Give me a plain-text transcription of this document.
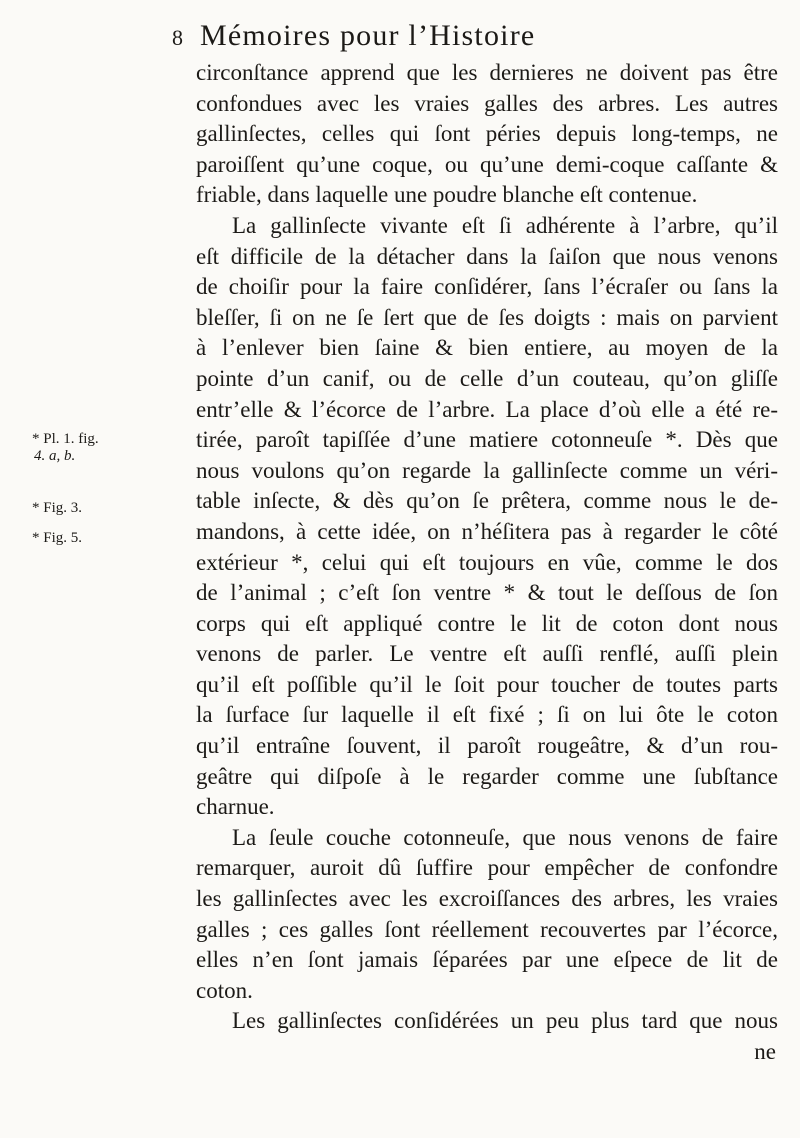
8 Mémoires pour l’Histoire
* Pl. 1. fig.
4. a, b.
* Fig. 3.
* Fig. 5.
circonſtance apprend que les dernieres ne doivent pas être
confondues avec les vraies galles des arbres. Les autres
gallinſectes, celles qui ſont péries depuis long-temps, ne
paroiſſent qu’une coque, ou qu’une demi-coque caſſante &
friable, dans laquelle une poudre blanche eſt contenue.
La gallinſecte vivante eſt ſi adhérente à l’arbre, qu’il
eſt difficile de la détacher dans la ſaiſon que nous venons
de choiſir pour la faire conſidérer, ſans l’écraſer ou ſans la
bleſſer, ſi on ne ſe ſert que de ſes doigts : mais on parvient
à l’enlever bien ſaine & bien entiere, au moyen de la
pointe d’un canif, ou de celle d’un couteau, qu’on gliſſe
entr’elle & l’écorce de l’arbre. La place d’où elle a été re-
tirée, paroît tapiſſée d’une matiere cotonneuſe *. Dès que
nous voulons qu’on regarde la gallinſecte comme un véri-
table inſecte, & dès qu’on ſe prêtera, comme nous le de-
mandons, à cette idée, on n’héſitera pas à regarder le côté
extérieur *, celui qui eſt toujours en vûe, comme le dos
de l’animal ; c’eſt ſon ventre * & tout le deſſous de ſon
corps qui eſt appliqué contre le lit de coton dont nous
venons de parler. Le ventre eſt auſſi renflé, auſſi plein
qu’il eſt poſſible qu’il le ſoit pour toucher de toutes parts
la ſurface ſur laquelle il eſt fixé ; ſi on lui ôte le coton
qu’il entraîne ſouvent, il paroît rougeâtre, & d’un rou-
geâtre qui diſpoſe à le regarder comme une ſubſtance
charnue.
La ſeule couche cotonneuſe, que nous venons de faire
remarquer, auroit dû ſuffire pour empêcher de confondre
les gallinſectes avec les excroiſſances des arbres, les vraies
galles ; ces galles ſont réellement recouvertes par l’écorce,
elles n’en ſont jamais ſéparées par une eſpece de lit de
coton.
Les gallinſectes conſidérées un peu plus tard que nous
ne
